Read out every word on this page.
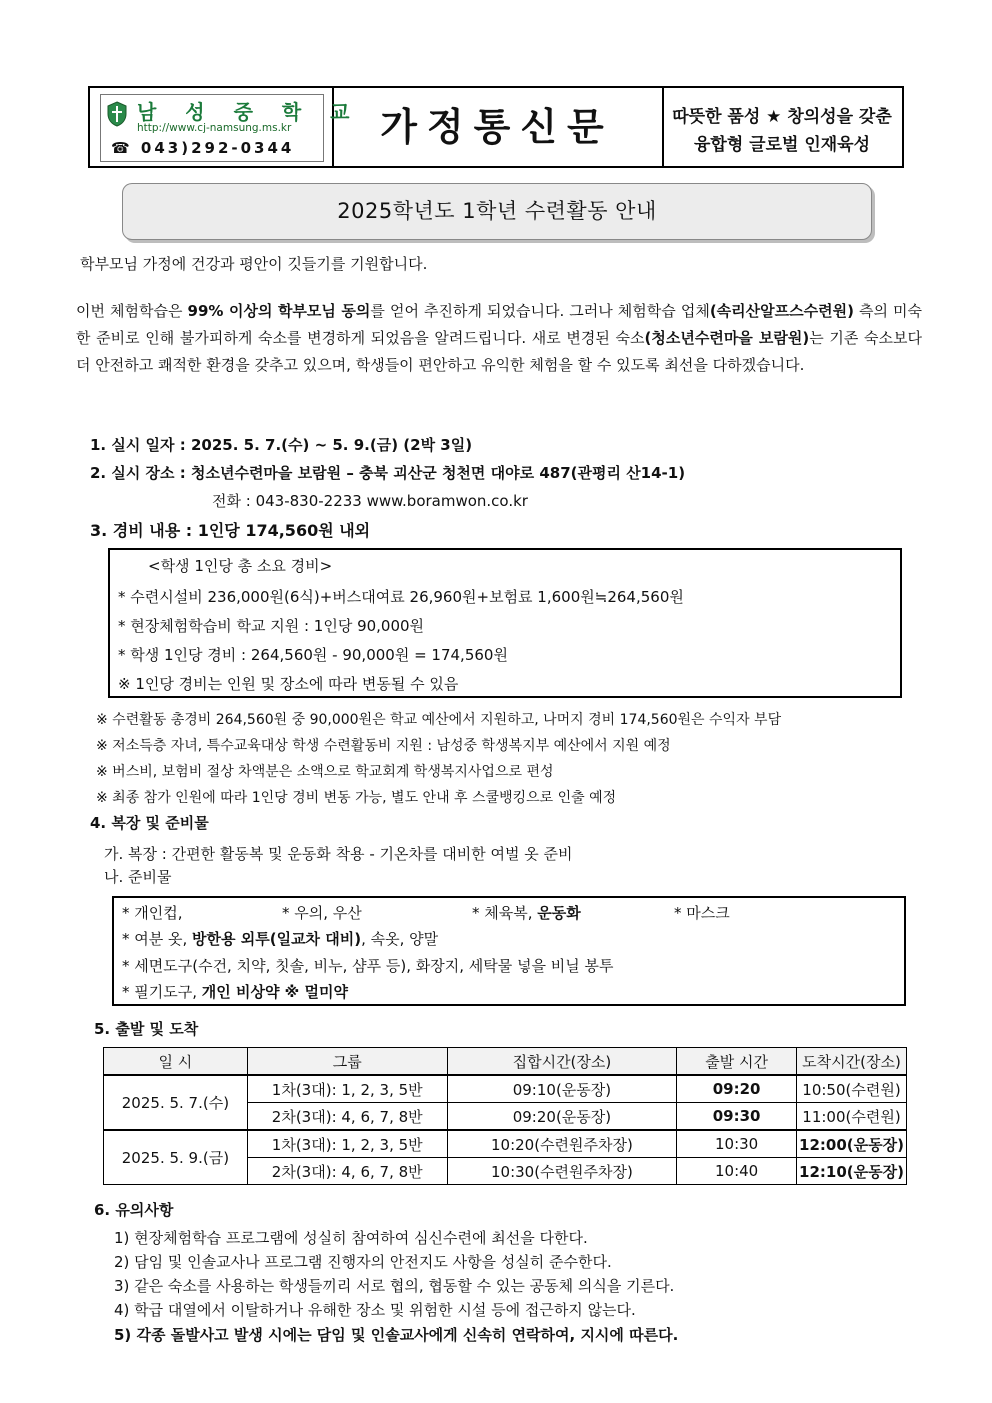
남 성 중 학 교
http://www.cj-namsung.ms.kr
☎ 043)292-0344	가정통신문	따뜻한 품성 ★ 창의성을 갖춘
융합형 글로벌 인재육성
2025학년도 1학년 수련활동 안내
학부모님 가정에 건강과 평안이 깃들기를 기원합니다.
이번 체험학습은 99% 이상의 학부모님 동의를 얻어 추진하게 되었습니다. 그러나 체험학습 업체(속리산알프스수련원) 측의 미숙한 준비로 인해 불가피하게 숙소를 변경하게 되었음을 알려드립니다. 새로 변경된 숙소(청소년수련마을 보람원)는 기존 숙소보다 더 안전하고 쾌적한 환경을 갖추고 있으며, 학생들이 편안하고 유익한 체험을 할 수 있도록 최선을 다하겠습니다.
1. 실시 일자 : 2025. 5. 7.(수) ~ 5. 9.(금) (2박 3일)
2. 실시 장소 : 청소년수련마을 보람원 – 충북 괴산군 청천면 대야로 487(관평리 산14-1)
전화 : 043-830-2233 www.boramwon.co.kr
3. 경비 내용 : 1인당 174,560원 내외
<학생 1인당 총 소요 경비>
* 수련시설비 236,000원(6식)+버스대여료 26,960원+보험료 1,600원≒264,560원
* 현장체험학습비 학교 지원 : 1인당 90,000원
* 학생 1인당 경비 : 264,560원 - 90,000원 = 174,560원
※ 1인당 경비는 인원 및 장소에 따라 변동될 수 있음
※ 수련활동 총경비 264,560원 중 90,000원은 학교 예산에서 지원하고, 나머지 경비 174,560원은 수익자 부담
※ 저소득층 자녀, 특수교육대상 학생 수련활동비 지원 : 남성중 학생복지부 예산에서 지원 예정
※ 버스비, 보험비 절상 차액분은 소액으로 학교회계 학생복지사업으로 편성
※ 최종 참가 인원에 따라 1인당 경비 변동 가능, 별도 안내 후 스쿨뱅킹으로 인출 예정
4. 복장 및 준비물
가. 복장 : 간편한 활동복 및 운동화 착용 - 기온차를 대비한 여벌 옷 준비
나. 준비물
* 개인컵,	* 우의, 우산	* 체육복, 운동화	* 마스크
* 여분 옷, 방한용 외투(일교차 대비), 속옷, 양말
* 세면도구(수건, 치약, 칫솔, 비누, 샴푸 등), 화장지, 세탁물 넣을 비닐 봉투
* 필기도구, 개인 비상약 ※ 멀미약
5. 출발 및 도착
일 시	그룹	집합시간(장소)	출발 시간	도착시간(장소)
2025. 5. 7.(수)	1차(3대): 1, 2, 3, 5반	09:10(운동장)	09:20	10:50(수련원)
	2차(3대): 4, 6, 7, 8반	09:20(운동장)	09:30	11:00(수련원)
2025. 5. 9.(금)	1차(3대): 1, 2, 3, 5반	10:20(수련원주차장)	10:30	12:00(운동장)
	2차(3대): 4, 6, 7, 8반	10:30(수련원주차장)	10:40	12:10(운동장)
6. 유의사항
1) 현장체험학습 프로그램에 성실히 참여하여 심신수련에 최선을 다한다.
2) 담임 및 인솔교사나 프로그램 진행자의 안전지도 사항을 성실히 준수한다.
3) 같은 숙소를 사용하는 학생들끼리 서로 협의, 협동할 수 있는 공동체 의식을 기른다.
4) 학급 대열에서 이탈하거나 유해한 장소 및 위험한 시설 등에 접근하지 않는다.
5) 각종 돌발사고 발생 시에는 담임 및 인솔교사에게 신속히 연락하여, 지시에 따른다.
